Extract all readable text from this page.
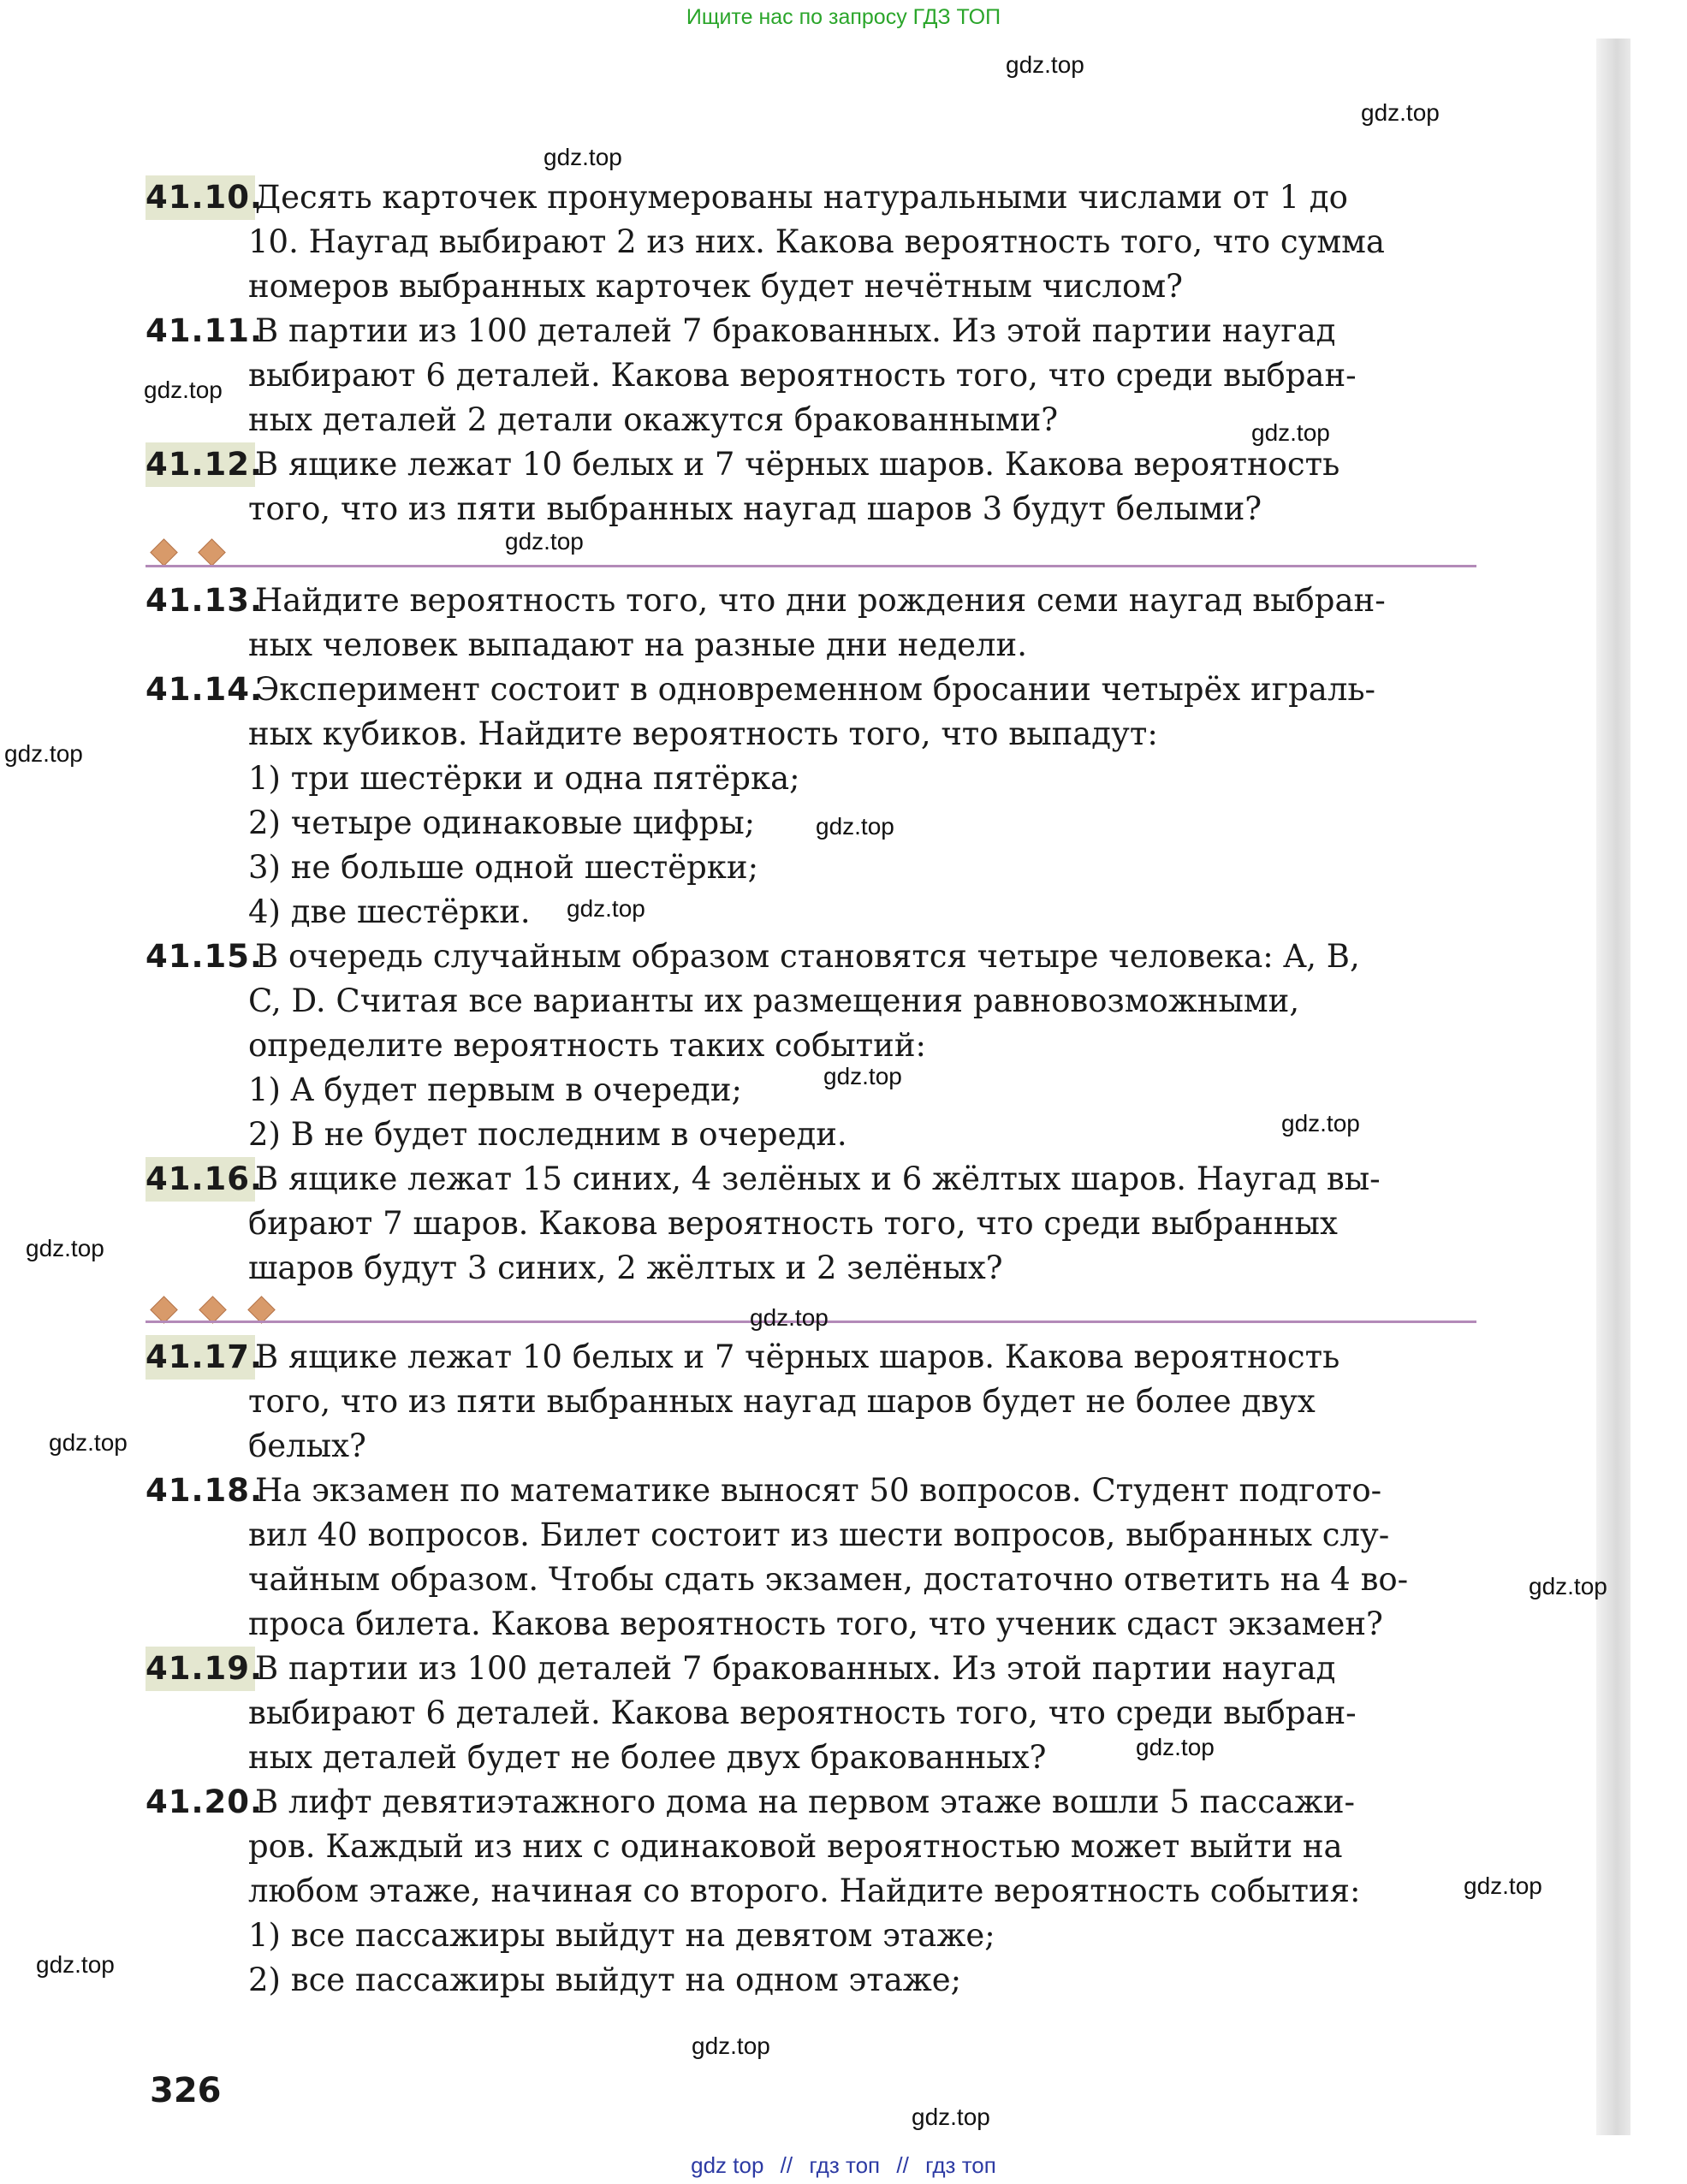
Ищите нас по запросу ГДЗ ТОП
41.10.Десять карточек пронумерованы натуральными числами от 1 до
10. Наугад выбирают 2 из них. Какова вероятность того, что сумма
номеров выбранных карточек будет нечётным числом?
41.11.В партии из 100 деталей 7 бракованных. Из этой партии наугад
выбирают 6 деталей. Какова вероятность того, что среди выбран-
ных деталей 2 детали окажутся бракованными?
41.12.В ящике лежат 10 белых и 7 чёрных шаров. Какова вероятность
того, что из пяти выбранных наугад шаров 3 будут белыми?
41.13.Найдите вероятность того, что дни рождения семи наугад выбран-
ных человек выпадают на разные дни недели.
41.14.Эксперимент состоит в одновременном бросании четырёх играль-
ных кубиков. Найдите вероятность того, что выпадут:
1) три шестёрки и одна пятёрка;
2) четыре одинаковые цифры;
3) не больше одной шестёрки;
4) две шестёрки.
41.15.В очередь случайным образом становятся четыре человека: A, B,
C, D. Считая все варианты их размещения равновозможными,
определите вероятность таких событий:
1) A будет первым в очереди;
2) B не будет последним в очереди.
41.16.В ящике лежат 15 синих, 4 зелёных и 6 жёлтых шаров. Наугад вы-
бирают 7 шаров. Какова вероятность того, что среди выбранных
шаров будут 3 синих, 2 жёлтых и 2 зелёных?
41.17.В ящике лежат 10 белых и 7 чёрных шаров. Какова вероятность
того, что из пяти выбранных наугад шаров будет не более двух
белых?
41.18.На экзамен по математике выносят 50 вопросов. Студент подгото-
вил 40 вопросов. Билет состоит из шести вопросов, выбранных слу-
чайным образом. Чтобы сдать экзамен, достаточно ответить на 4 во-
проса билета. Какова вероятность того, что ученик сдаст экзамен?
41.19.В партии из 100 деталей 7 бракованных. Из этой партии наугад
выбирают 6 деталей. Какова вероятность того, что среди выбран-
ных деталей будет не более двух бракованных?
41.20.В лифт девятиэтажного дома на первом этаже вошли 5 пассажи-
ров. Каждый из них с одинаковой вероятностью может выйти на
любом этаже, начиная со второго. Найдите вероятность события:
1) все пассажиры выйдут на девятом этаже;
2) все пассажиры выйдут на одном этаже;
gdz.top
gdz.top
gdz.top
gdz.top
gdz.top
gdz.top
gdz.top
gdz.top
gdz.top
gdz.top
gdz.top
gdz.top
gdz.top
gdz.top
gdz.top
gdz.top
gdz.top
gdz.top
gdz.top
gdz.top
326
gdz top // гдз топ // гдз топ
